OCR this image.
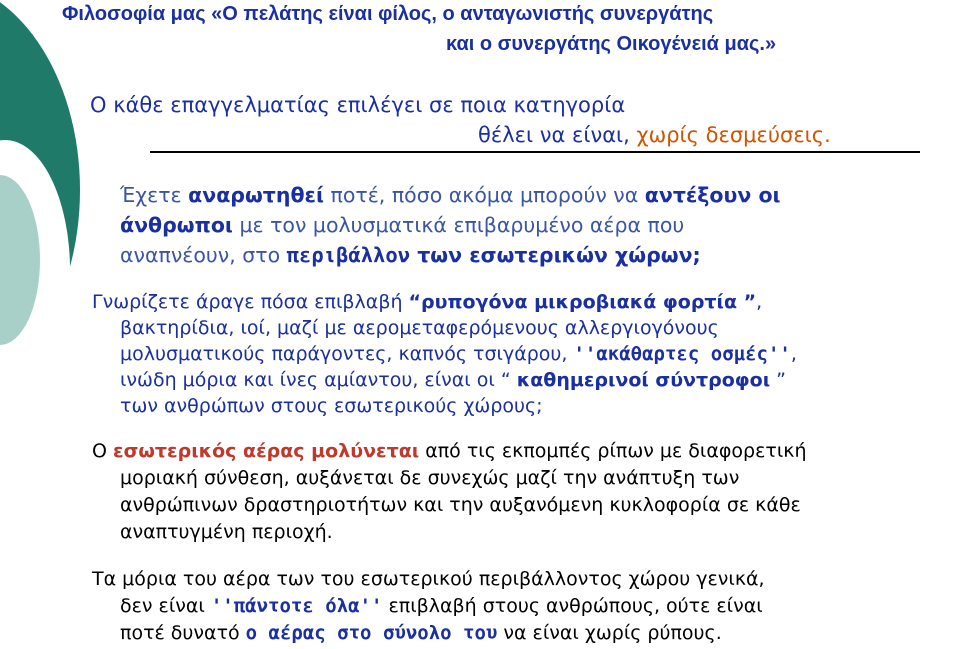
Φιλοσοφία μας «Ο πελάτης είναι φίλος, ο ανταγωνιστής συνεργάτης
και ο συνεργάτης Οικογένειά μας.»
Ο κάθε επαγγελματίας επιλέγει σε ποια κατηγορία
θέλει να είναι, χωρίς δεσμεύσεις.
Έχετε αναρωτηθεί ποτέ, πόσο ακόμα μπορούν να αντέξουν οι
άνθρωποι με τον μολυσματικά επιβαρυμένο αέρα που
αναπνέουν, στο περιβάλλον των εσωτερικών χώρων;
Γνωρίζετε άραγε πόσα επιβλαβή “ρυπογόνα μικροβιακά φορτία ”,
βακτηρίδια, ιοί, μαζί με αερομεταφερόμενους αλλεργιογόνους
μολυσματικούς παράγοντες, καπνός τσιγάρου, ''ακάθαρτες οσμές'',
ινώδη μόρια και ίνες αμίαντου, είναι οι “ καθημερινοί σύντροφοι ”
των ανθρώπων στους εσωτερικούς χώρους;
Ο εσωτερικός αέρας μολύνεται από τις εκπομπές ρίπων με διαφορετική
μοριακή σύνθεση, αυξάνεται δε συνεχώς μαζί την ανάπτυξη των
ανθρώπινων δραστηριοτήτων και την αυξανόμενη κυκλοφορία σε κάθε
αναπτυγμένη περιοχή.
Τα μόρια του αέρα των του εσωτερικού περιβάλλοντος χώρου γενικά,
δεν είναι ''πάντοτε όλα'' επιβλαβή στους ανθρώπους, ούτε είναι
ποτέ δυνατό ο αέρας στο σύνολο του να είναι χωρίς ρύπους.
